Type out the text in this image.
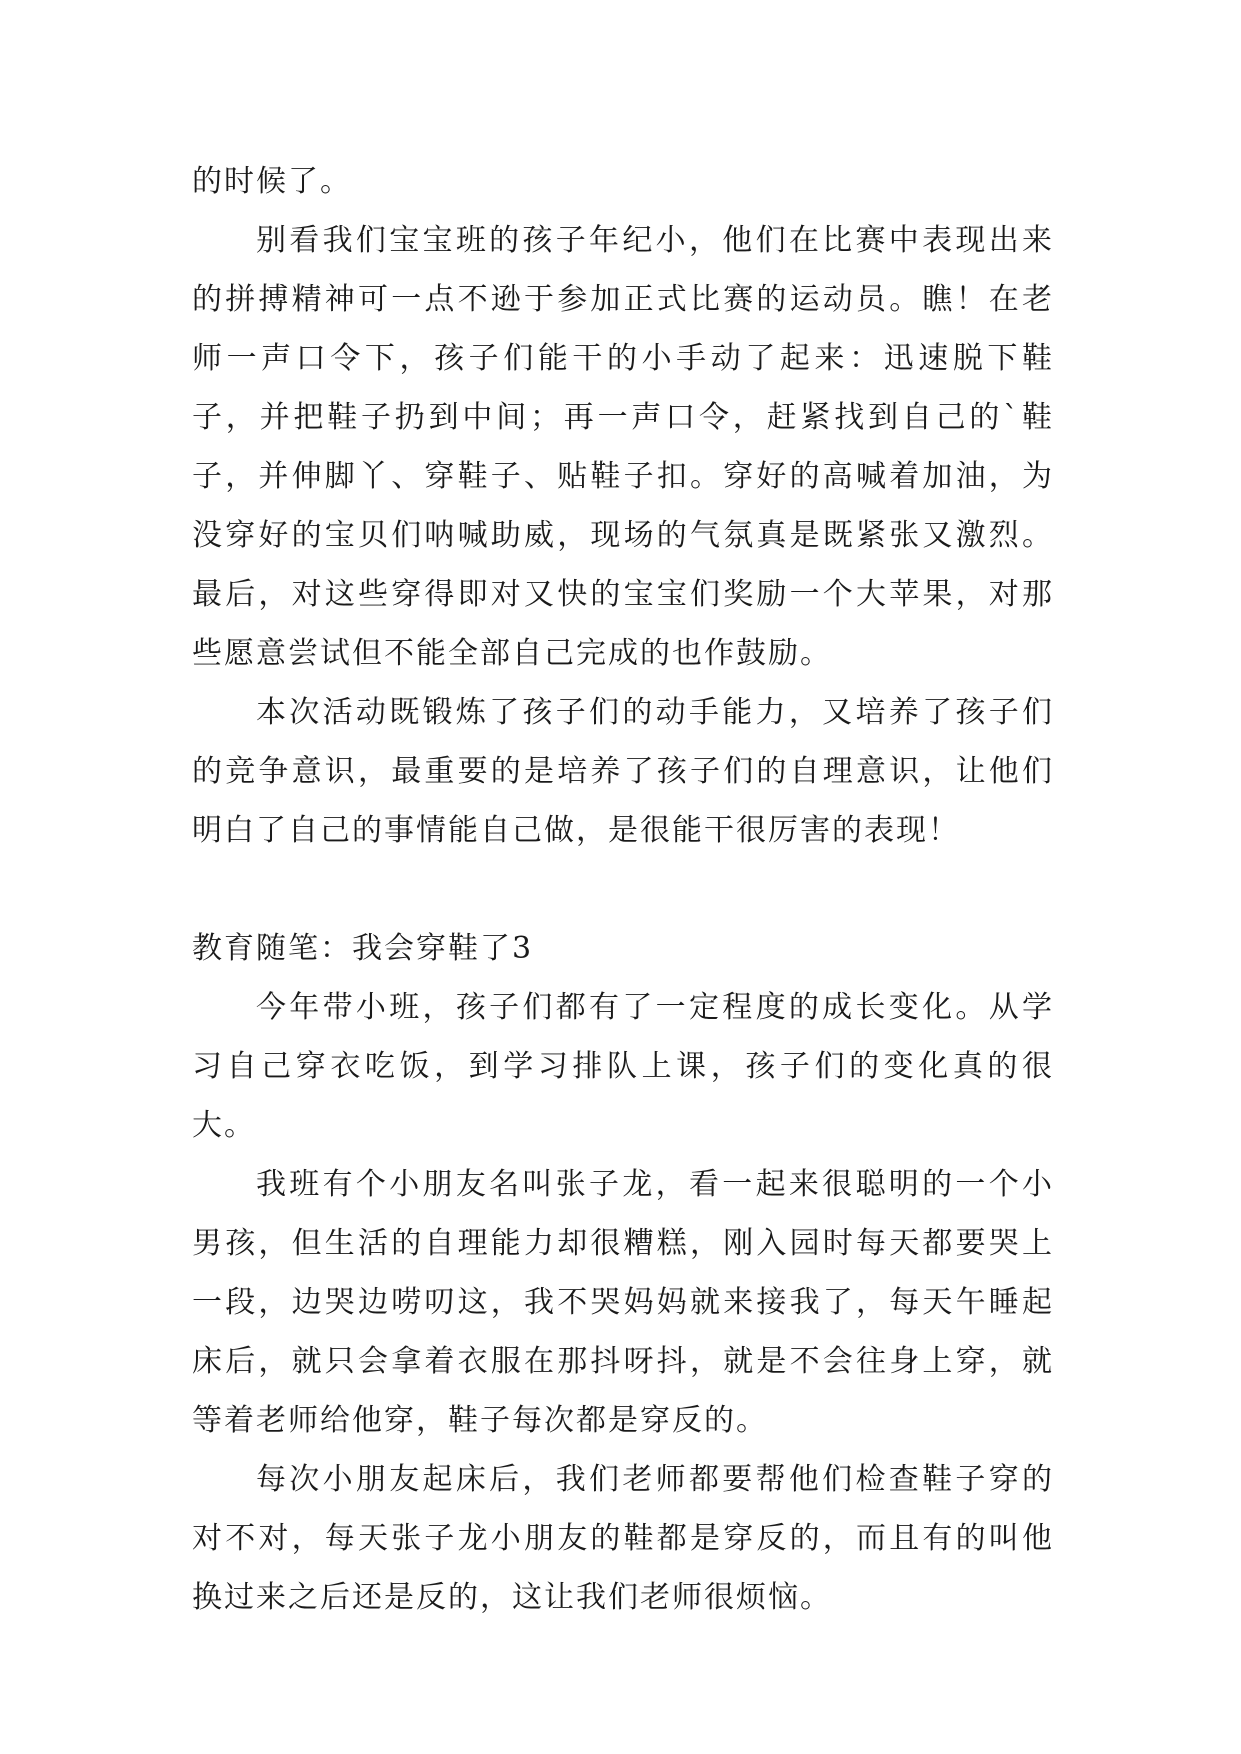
的时候了。

别看我们宝宝班的孩子年纪小，他们在比赛中表现出来的拼搏精神可一点不逊于参加正式比赛的运动员。瞧！在老师一声口令下，孩子们能干的小手动了起来：迅速脱下鞋子，并把鞋子扔到中间；再一声口令，赶紧找到自己的`鞋子，并伸脚丫、穿鞋子、贴鞋子扣。穿好的高喊着加油，为没穿好的宝贝们呐喊助威，现场的气氛真是既紧张又激烈。最后，对这些穿得即对又快的宝宝们奖励一个大苹果，对那些愿意尝试但不能全部自己完成的也作鼓励。

本次活动既锻炼了孩子们的动手能力，又培养了孩子们的竞争意识，最重要的是培养了孩子们的自理意识，让他们明白了自己的事情能自己做，是很能干很厉害的表现！

教育随笔：我会穿鞋了3

今年带小班，孩子们都有了一定程度的成长变化。从学习自己穿衣吃饭，到学习排队上课，孩子们的变化真的很大。

我班有个小朋友名叫张子龙，看一起来很聪明的一个小男孩，但生活的自理能力却很糟糕，刚入园时每天都要哭上一段，边哭边唠叨这，我不哭妈妈就来接我了，每天午睡起床后，就只会拿着衣服在那抖呀抖，就是不会往身上穿，就等着老师给他穿，鞋子每次都是穿反的。

每次小朋友起床后，我们老师都要帮他们检查鞋子穿的对不对，每天张子龙小朋友的鞋都是穿反的，而且有的叫他换过来之后还是反的，这让我们老师很烦恼。
